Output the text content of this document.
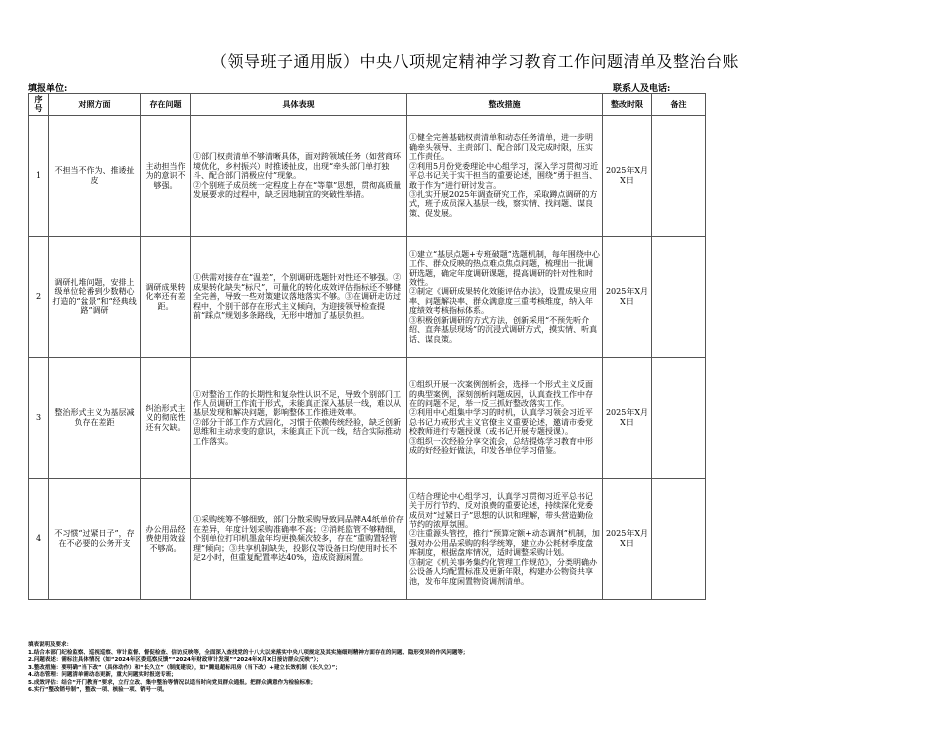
（领导班子通用版）中央八项规定精神学习教育工作问题清单及整治台账
填报单位:	联系人及电话:
序号	对照方面	存在问题	具体表现	整改措施	整改时限	备注
1	不担当不作为、推诿扯皮	主动担当作为的意识不够强。	①部门权责清单不够清晰具体，面对跨领域任务（如营商环境优化，乡村振兴）时推诿扯皮，出现“牵头部门单打独斗、配合部门消极应付”现象。
②个别班子成员统一定程度上存在“等靠”思想，贯彻高质量发展要求的过程中，缺乏因地制宜的突破性举措。	①健全完善基础权责清单和动态任务清单，进一步明确牵头领导、主责部门、配合部门及完成时限，压实工作责任。
②利用5月份党委理论中心组学习，深入学习贯彻习近平总书记关于实干担当的重要论述，围绕“勇于担当、敢于作为”进行研讨发言。
③扎实开展2025年调查研究工作，采取蹲点调研的方式，班子成员深入基层一线，察实情、找问题、谋良策、促发展。	2025年X月X日	
2	调研扎堆问题，安排上级单位轮番到少数精心打造的“盆景”和“经典线路”调研	调研成果转化率还有差距。	①供需对接存在“温差”，个别调研选题针对性还不够强。②成果转化缺失“标尺”，可量化的转化成效评估指标还不够健全完善，导致一些对策建议落地落实不够。③在调研走访过程中，个别干部存在形式主义倾向，为迎接领导检查提前“踩点”规划多条路线，无形中增加了基层负担。	①建立“基层点题+专班破题”选题机制，每年围绕中心工作、群众反映的热点难点焦点问题，梳理出一批调研选题，确定年度调研课题，提高调研的针对性和时效性。
②制定《调研成果转化效能评估办法》，设置成果应用率、问题解决率、群众满意度三重考核维度，纳入年度绩效考核指标体系。
③积极创新调研的方式方法，创新采用“不预先听介绍、直奔基层现场”的沉浸式调研方式，摸实情、听真话、谋良策。	2025年X月X日	
3	整治形式主义为基层减负存在差距	纠治形式主义的彻底性还有欠缺。	①对整治工作的长期性和复杂性认识不足，导致个别部门工作人员调研工作流于形式，未能真正深入基层一线，难以从基层发现和解决问题，影响整体工作推进效率。
②部分干部工作方式固化，习惯于依赖传统经验，缺乏创新思维和主动求变的意识，未能真正下沉一线，结合实际推动工作落实。	①组织开展一次案例剖析会，选择一个形式主义反面的典型案例，深刻剖析问题成因，认真查找工作中存在的问题不足，举一反三抓好整改落实工作。
②利用中心组集中学习的时机，认真学习领会习近平总书记力戒形式主义官僚主义重要论述，邀请市委党校教师进行专题授课（或书记开展专题授课）。
③组织一次经验分享交流会，总结提炼学习教育中形成的好经验好做法，印发各单位学习借鉴。	2025年X月X日	
4	不习惯“过紧日子”，存在不必要的公务开支	办公用品经费使用效益不够高。	①采购统筹不够细致，部门分散采购导致同品牌A4纸单价存在差异，年度计划采购准确率不高；②消耗监管不够精细，个别单位打印机墨盒年均更换频次较多，存在“重购置轻管理”倾向；③共享机制缺失，投影仪等设备日均使用时长不足2小时，但重复配置率达40%，造成资源闲置。	①结合理论中心组学习，认真学习贯彻习近平总书记关于厉行节约、反对浪费的重要论述，持续深化党委成员对“过紧日子”思想的认识和理解，带头营造勤俭节约的浓厚氛围。
②注重源头管控，推行“预算定额+动态调剂”机制，加强对办公用品采购的科学统筹，建立办公耗材季度盘库制度，根据盘库情况，适时调整采购计划。
③制定《机关事务集约化管理工作规范》，分类明确办公设备人均配置标准及更新年限，构建办公物资共享池，发布年度闲置物资调剂清单。	2025年X月X日	
填表说明及要求：
1.结合本部门纪检监察、巡视巡察、审计监督、督促检查、信访反映等，全面深入查找党的十八大以来落实中央八项规定及其实施细则精神方面存在的问题、隐形变异的作风问题等；
2.问题表述：需标注具体情况（如“2024年区委巡察反馈”“2024年财政审计发现”“2024年X月X日接访群众反映”）；
3.整改措施：要明确“当下改”（具体动作）和“长久立”（制度建设），如“腾退超标用房（当下改）+建立长效机制（长久立）”；
4.动态管理：问题清单需动态更新，重大问题实时报送专班；
5.成效评估：结合“开门教育”要求，立行立改、集中整治等情况以适当时向党员群众通报。把群众满意作为检验标准；
6.实行“整改销号制”，整改一项、核验一项、销号一项。
